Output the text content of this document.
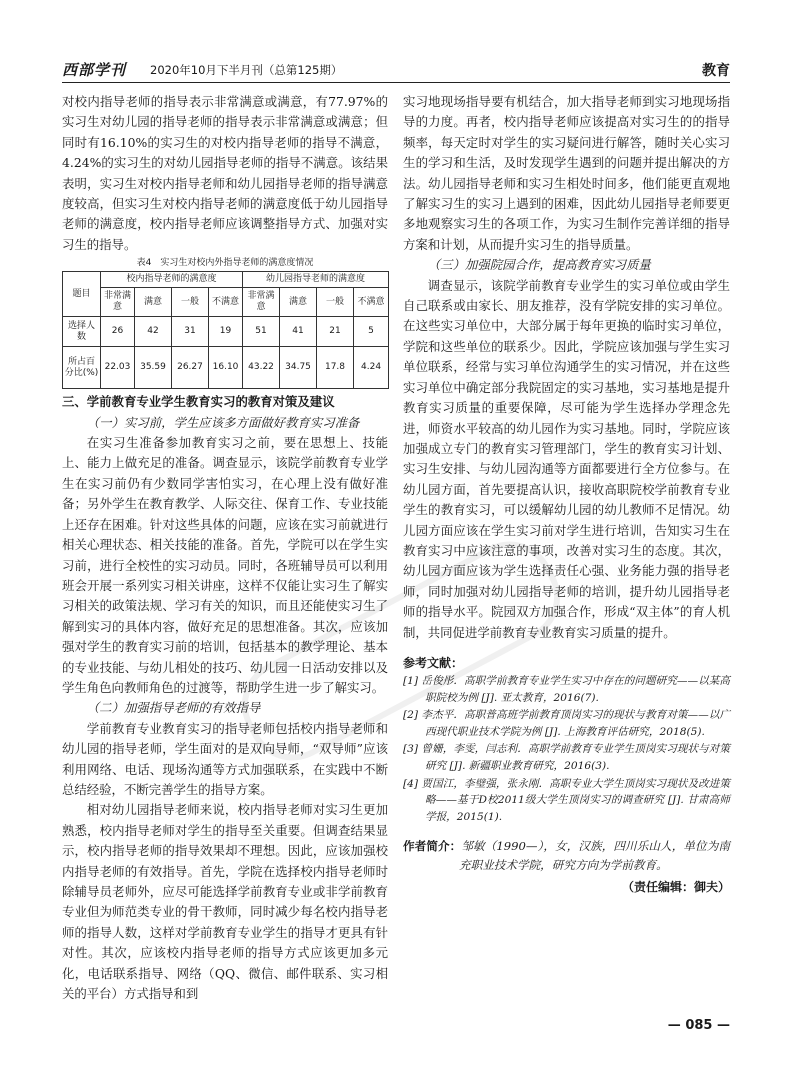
西部学刊 2020年10月下半月刊（总第125期）	教育

对校内指导老师的指导表示非常满意或满意，有77.97%的实习生对幼儿园的指导老师的指导表示非常满意或满意；但同时有16.10%的实习生的对校内指导老师的指导不满意，4.24%的实习生的对幼儿园指导老师的指导不满意。该结果表明，实习生对校内指导老师和幼儿园指导老师的指导满意度较高，但实习生对校内指导老师的满意度低于幼儿园指导老师的满意度，校内指导老师应该调整指导方式、加强对实习生的指导。

表4　实习生对校内外指导老师的满意度情况
题目	校内指导老师的满意度				幼儿园指导老师的满意度			
	非常满意	满意	一般	不满意	非常满意	满意	一般	不满意
选择人数	26	42	31	19	51	41	21	5
所占百分比(%)	22.03	35.59	26.27	16.10	43.22	34.75	17.8	4.24

三、学前教育专业学生教育实习的教育对策及建议

（一）实习前，学生应该多方面做好教育实习准备

在实习生准备参加教育实习之前，要在思想上、技能上、能力上做充足的准备。调查显示，该院学前教育专业学生在实习前仍有少数同学害怕实习，在心理上没有做好准备；另外学生在教育教学、人际交往、保育工作、专业技能上还存在困难。针对这些具体的问题，应该在实习前就进行相关心理状态、相关技能的准备。首先，学院可以在学生实习前，进行全校性的实习动员。同时，各班辅导员可以利用班会开展一系列实习相关讲座，这样不仅能让实习生了解实习相关的政策法规、学习有关的知识，而且还能使实习生了解到实习的具体内容，做好充足的思想准备。其次，应该加强对学生的教育实习前的培训，包括基本的教学理论、基本的专业技能、与幼儿相处的技巧、幼儿园一日活动安排以及学生角色向教师角色的过渡等，帮助学生进一步了解实习。

（二）加强指导老师的有效指导

学前教育专业教育实习的指导老师包括校内指导老师和幼儿园的指导老师，学生面对的是双向导师，“双导师”应该利用网络、电话、现场沟通等方式加强联系，在实践中不断总结经验，不断完善学生的指导方案。

相对幼儿园指导老师来说，校内指导老师对实习生更加熟悉，校内指导老师对学生的指导至关重要。但调查结果显示，校内指导老师的指导效果却不理想。因此，应该加强校内指导老师的有效指导。首先，学院在选择校内指导老师时除辅导员老师外，应尽可能选择学前教育专业或非学前教育专业但为师范类专业的骨干教师，同时减少每名校内指导老师的指导人数，这样对学前教育专业学生的指导才更具有针对性。其次，应该校内指导老师的指导方式应该更加多元化，电话联系指导、网络（QQ、微信、邮件联系、实习相关的平台）方式指导和到

实习地现场指导要有机结合，加大指导老师到实习地现场指导的力度。再者，校内指导老师应该提高对实习生的的指导频率，每天定时对学生的实习疑问进行解答，随时关心实习生的学习和生活，及时发现学生遇到的问题并提出解决的方法。幼儿园指导老师和实习生相处时间多，他们能更直观地了解实习生的实习上遇到的困难，因此幼儿园指导老师要更多地观察实习生的各项工作，为实习生制作完善详细的指导方案和计划，从而提升实习生的指导质量。

（三）加强院园合作，提高教育实习质量

调查显示，该院学前教育专业学生的实习单位或由学生自己联系或由家长、朋友推荐，没有学院安排的实习单位。在这些实习单位中，大部分属于每年更换的临时实习单位，学院和这些单位的联系少。因此，学院应该加强与学生实习单位联系，经常与实习单位沟通学生的实习情况，并在这些实习单位中确定部分我院固定的实习基地，实习基地是提升教育实习质量的重要保障，尽可能为学生选择办学理念先进，师资水平较高的幼儿园作为实习基地。同时，学院应该加强成立专门的教育实习管理部门，学生的教育实习计划、实习生安排、与幼儿园沟通等方面都要进行全方位参与。在幼儿园方面，首先要提高认识，接收高职院校学前教育专业学生的教育实习，可以缓解幼儿园的幼儿教师不足情况。幼儿园方面应该在学生实习前对学生进行培训，告知实习生在教育实习中应该注意的事项，改善对实习生的态度。其次，幼儿园方面应该为学生选择责任心强、业务能力强的指导老师，同时加强对幼儿园指导老师的培训，提升幼儿园指导老师的指导水平。院园双方加强合作，形成“双主体”的育人机制，共同促进学前教育专业教育实习质量的提升。

参考文献：
[1] 岳俊彤．高职学前教育专业学生实习中存在的问题研究——以某高职院校为例 [J]. 亚太教育，2016(7).
[2] 李杰平．高职普高班学前教育顶岗实习的现状与教育对策——以广西现代职业技术学院为例 [J]. 上海教育评估研究，2018(5).
[3] 曾姗，李雯，闫志利．高职学前教育专业学生顶岗实习现状与对策研究 [J]. 新疆职业教育研究，2016(3).
[4] 贾国江，李璧强，张永刚．高职专业大学生顶岗实习现状及改进策略——基于D校2011级大学生顶岗实习的调查研究 [J]. 甘肃高师学报，2015(1).

作者简介：邹敏（1990—），女，汉族，四川乐山人，单位为南充职业技术学院，研究方向为学前教育。

（责任编辑：御夫）
— 085 —
